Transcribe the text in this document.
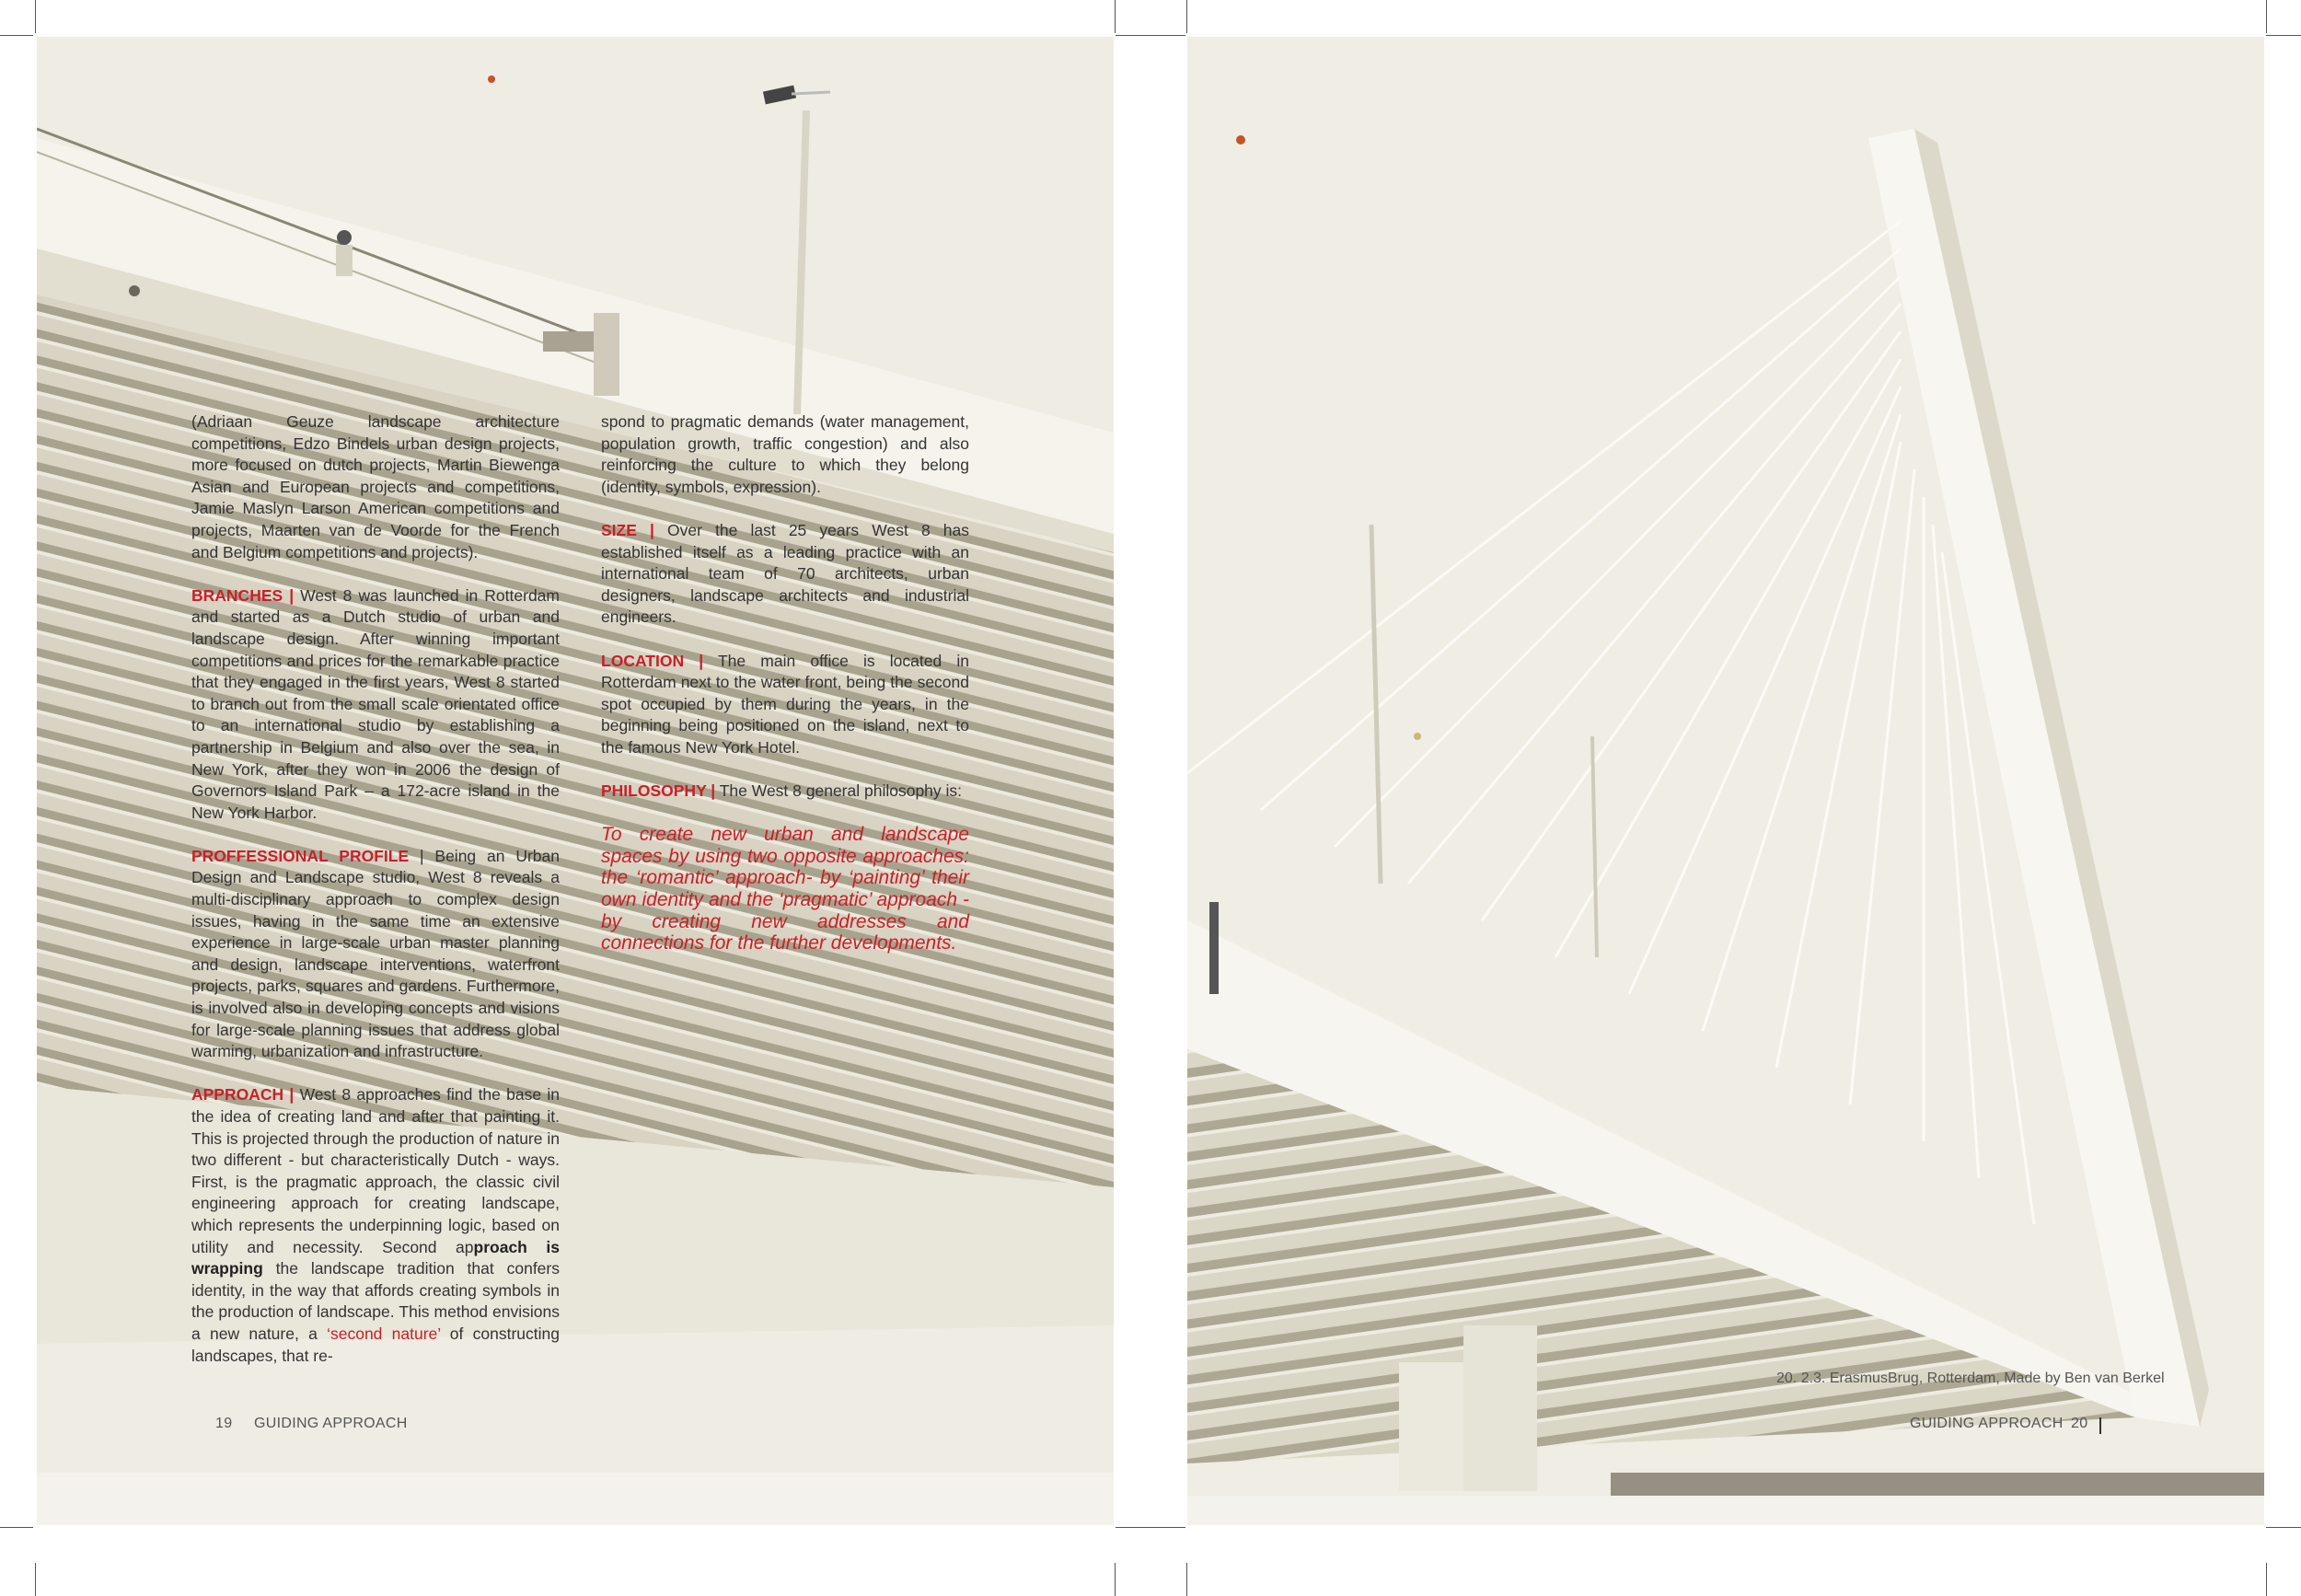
(Adriaan Geuze landscape architecture competitions, Edzo Bindels urban design projects, more focused on dutch projects, Martin Biewenga Asian and European projects and competitions, Jamie Maslyn Larson American competitions and projects, Maarten van de Voorde for the French and Belgium competitions and projects).

BRANCHES | West 8 was launched in Rotterdam and started as a Dutch studio of urban and landscape design. After winning important competitions and prices for the remarkable practice that they engaged in the first years, West 8 started to branch out from the small scale orientated office to an international studio by establishing a partnership in Belgium and also over the sea, in New York, after they won in 2006 the design of Governors Island Park – a 172-acre island in the New York Harbor.

PROFFESSIONAL PROFILE | Being an Urban Design and Landscape studio, West 8 reveals a multi-disciplinary approach to complex design issues, having in the same time an extensive experience in large-scale urban master planning and design, landscape interventions, waterfront projects, parks, squares and gardens. Furthermore, is involved also in developing concepts and visions for large-scale planning issues that address global warming, urbanization and infrastructure.

APPROACH | West 8 approaches find the base in the idea of creating land and after that painting it. This is projected through the production of nature in two different - but characteristically Dutch - ways. First, is the pragmatic approach, the classic civil engineering approach for creating landscape, which represents the underpinning logic, based on utility and necessity. Second approach is wrapping the landscape tradition that confers identity, in the way that affords creating symbols in the production of landscape. This method envisions a new nature, a ‘second nature’ of constructing landscapes, that re-

spond to pragmatic demands (water management, population growth, traffic congestion) and also reinforcing the culture to which they belong (identity, symbols, expression).

SIZE | Over the last 25 years West 8 has established itself as a leading practice with an international team of 70 architects, urban designers, landscape architects and industrial engineers.

LOCATION | The main office is located in Rotterdam next to the water front, being the second spot occupied by them during the years, in the beginning being positioned on the island, next to the famous New York Hotel.

PHILOSOPHY | The West 8 general philosophy is:

To create new urban and landscape spaces by using two opposite approaches: the ‘romantic’ approach- by ‘painting’ their own identity and the ‘pragmatic’ approach - by creating new addresses and connections for the further developments.

19 GUIDING APPROACH
20. 2.3. ErasmusBrug, Rotterdam, Made by Ben van Berkel
GUIDING APPROACH 20
